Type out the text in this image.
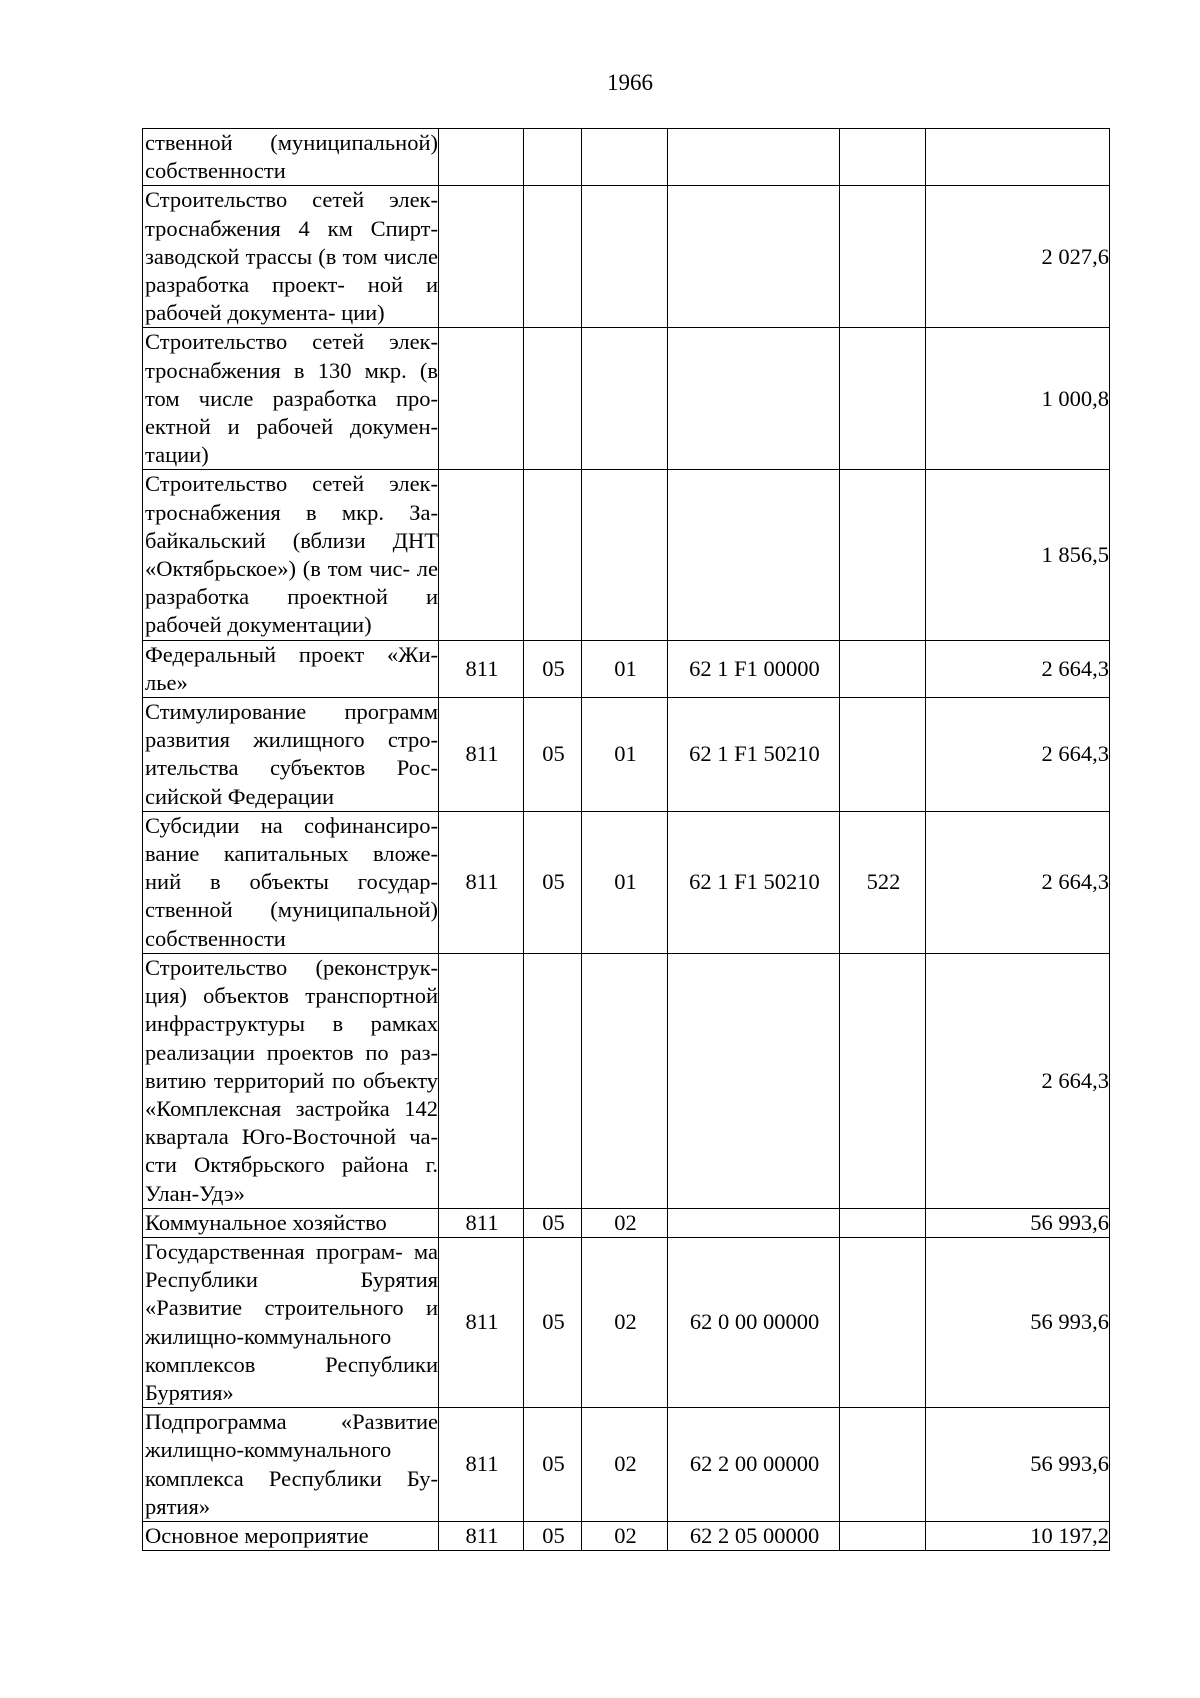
1966
ственной (муниципальной) собственности						
Строительство сетей элек- троснабжения 4 км Спирт- заводской трассы (в том числе разработка проект- ной и рабочей документа- ции)						2 027,6
Строительство сетей элек- троснабжения в 130 мкр. (в том числе разработка про- ектной и рабочей докумен- тации)						1 000,8
Строительство сетей элек- троснабжения в мкр. За- байкальский (вблизи ДНТ «Октябрьское») (в том чис- ле разработка проектной и рабочей документации)						1 856,5
Федеральный проект «Жи- лье»	811	05	01	62 1 F1 00000		2 664,3
Стимулирование программ развития жилищного стро- ительства субъектов Рос- сийской Федерации	811	05	01	62 1 F1 50210		2 664,3
Субсидии на софинансиро- вание капитальных вложе- ний в объекты государ- ственной (муниципальной) собственности	811	05	01	62 1 F1 50210	522	2 664,3
Строительство (реконструк- ция) объектов транспортной инфраструктуры в рамках реализации проектов по раз- витию территорий по объекту «Комплексная застройка 142 квартала Юго-Восточной ча- сти Октябрьского района г. Улан-Удэ»						2 664,3
Коммунальное хозяйство	811	05	02			56 993,6
Государственная програм- ма Республики Бурятия «Развитие строительного и жилищно-коммунального комплексов Республики Бурятия»	811	05	02	62 0 00 00000		56 993,6
Подпрограмма «Развитие жилищно-коммунального комплекса Республики Бу- рятия»	811	05	02	62 2 00 00000		56 993,6
Основное мероприятие	811	05	02	62 2 05 00000		10 197,2
